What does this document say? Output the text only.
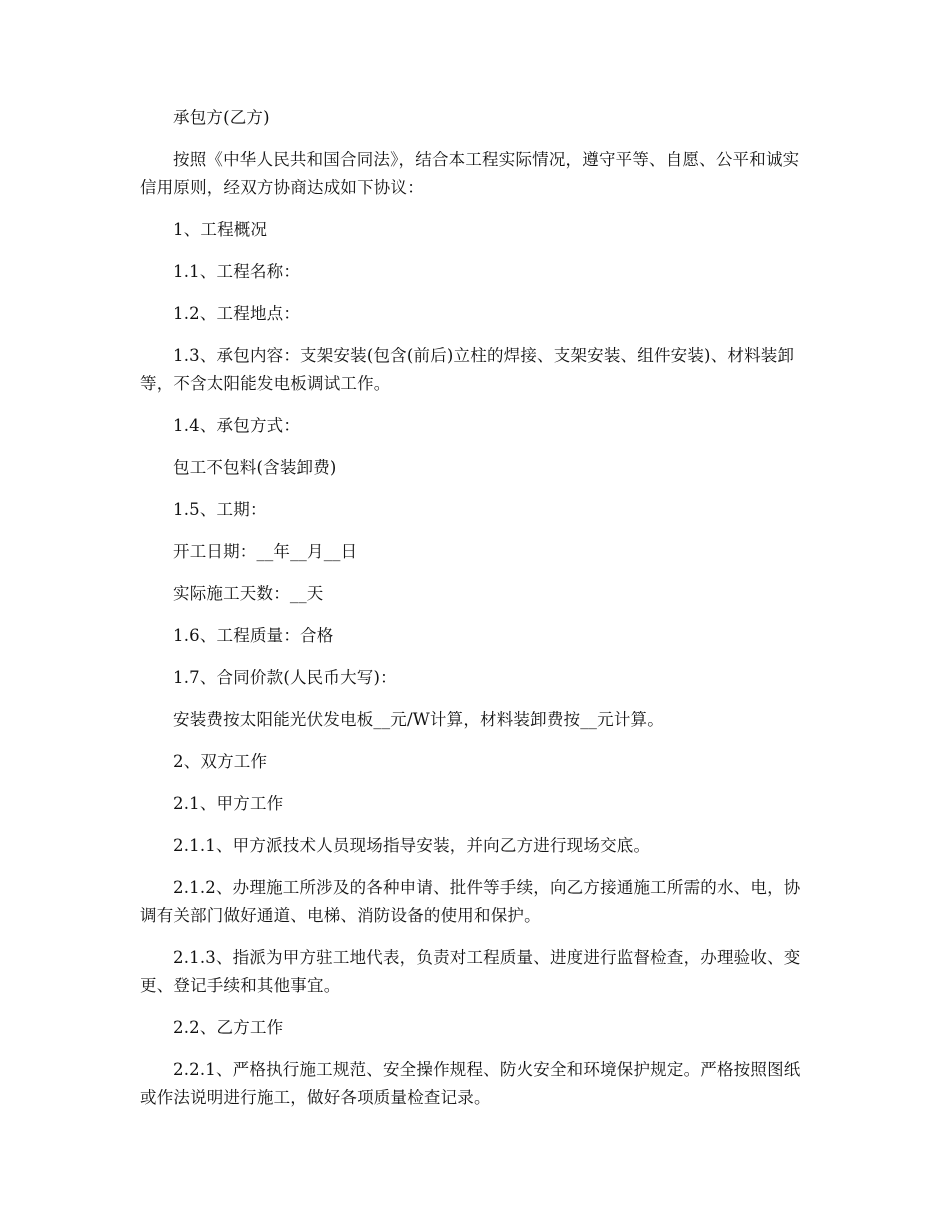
承包方(乙方)

按照《中华人民共和国合同法》，结合本工程实际情况，遵守平等、自愿、公平和诚实信用原则，经双方协商达成如下协议：

1、工程概况

1.1、工程名称：

1.2、工程地点：

1.3、承包内容：支架安装(包含(前后)立柱的焊接、支架安装、组件安装)、材料装卸等，不含太阳能发电板调试工作。

1.4、承包方式：

包工不包料(含装卸费)

1.5、工期：

开工日期：__年__月__日

实际施工天数：__天

1.6、工程质量：合格

1.7、合同价款(人民币大写)：

安装费按太阳能光伏发电板__元/W计算，材料装卸费按__元计算。

2、双方工作

2.1、甲方工作

2.1.1、甲方派技术人员现场指导安装，并向乙方进行现场交底。

2.1.2、办理施工所涉及的各种申请、批件等手续，向乙方接通施工所需的水、电，协调有关部门做好通道、电梯、消防设备的使用和保护。

2.1.3、指派为甲方驻工地代表，负责对工程质量、进度进行监督检查，办理验收、变更、登记手续和其他事宜。

2.2、乙方工作

2.2.1、严格执行施工规范、安全操作规程、防火安全和环境保护规定。严格按照图纸或作法说明进行施工，做好各项质量检查记录。
